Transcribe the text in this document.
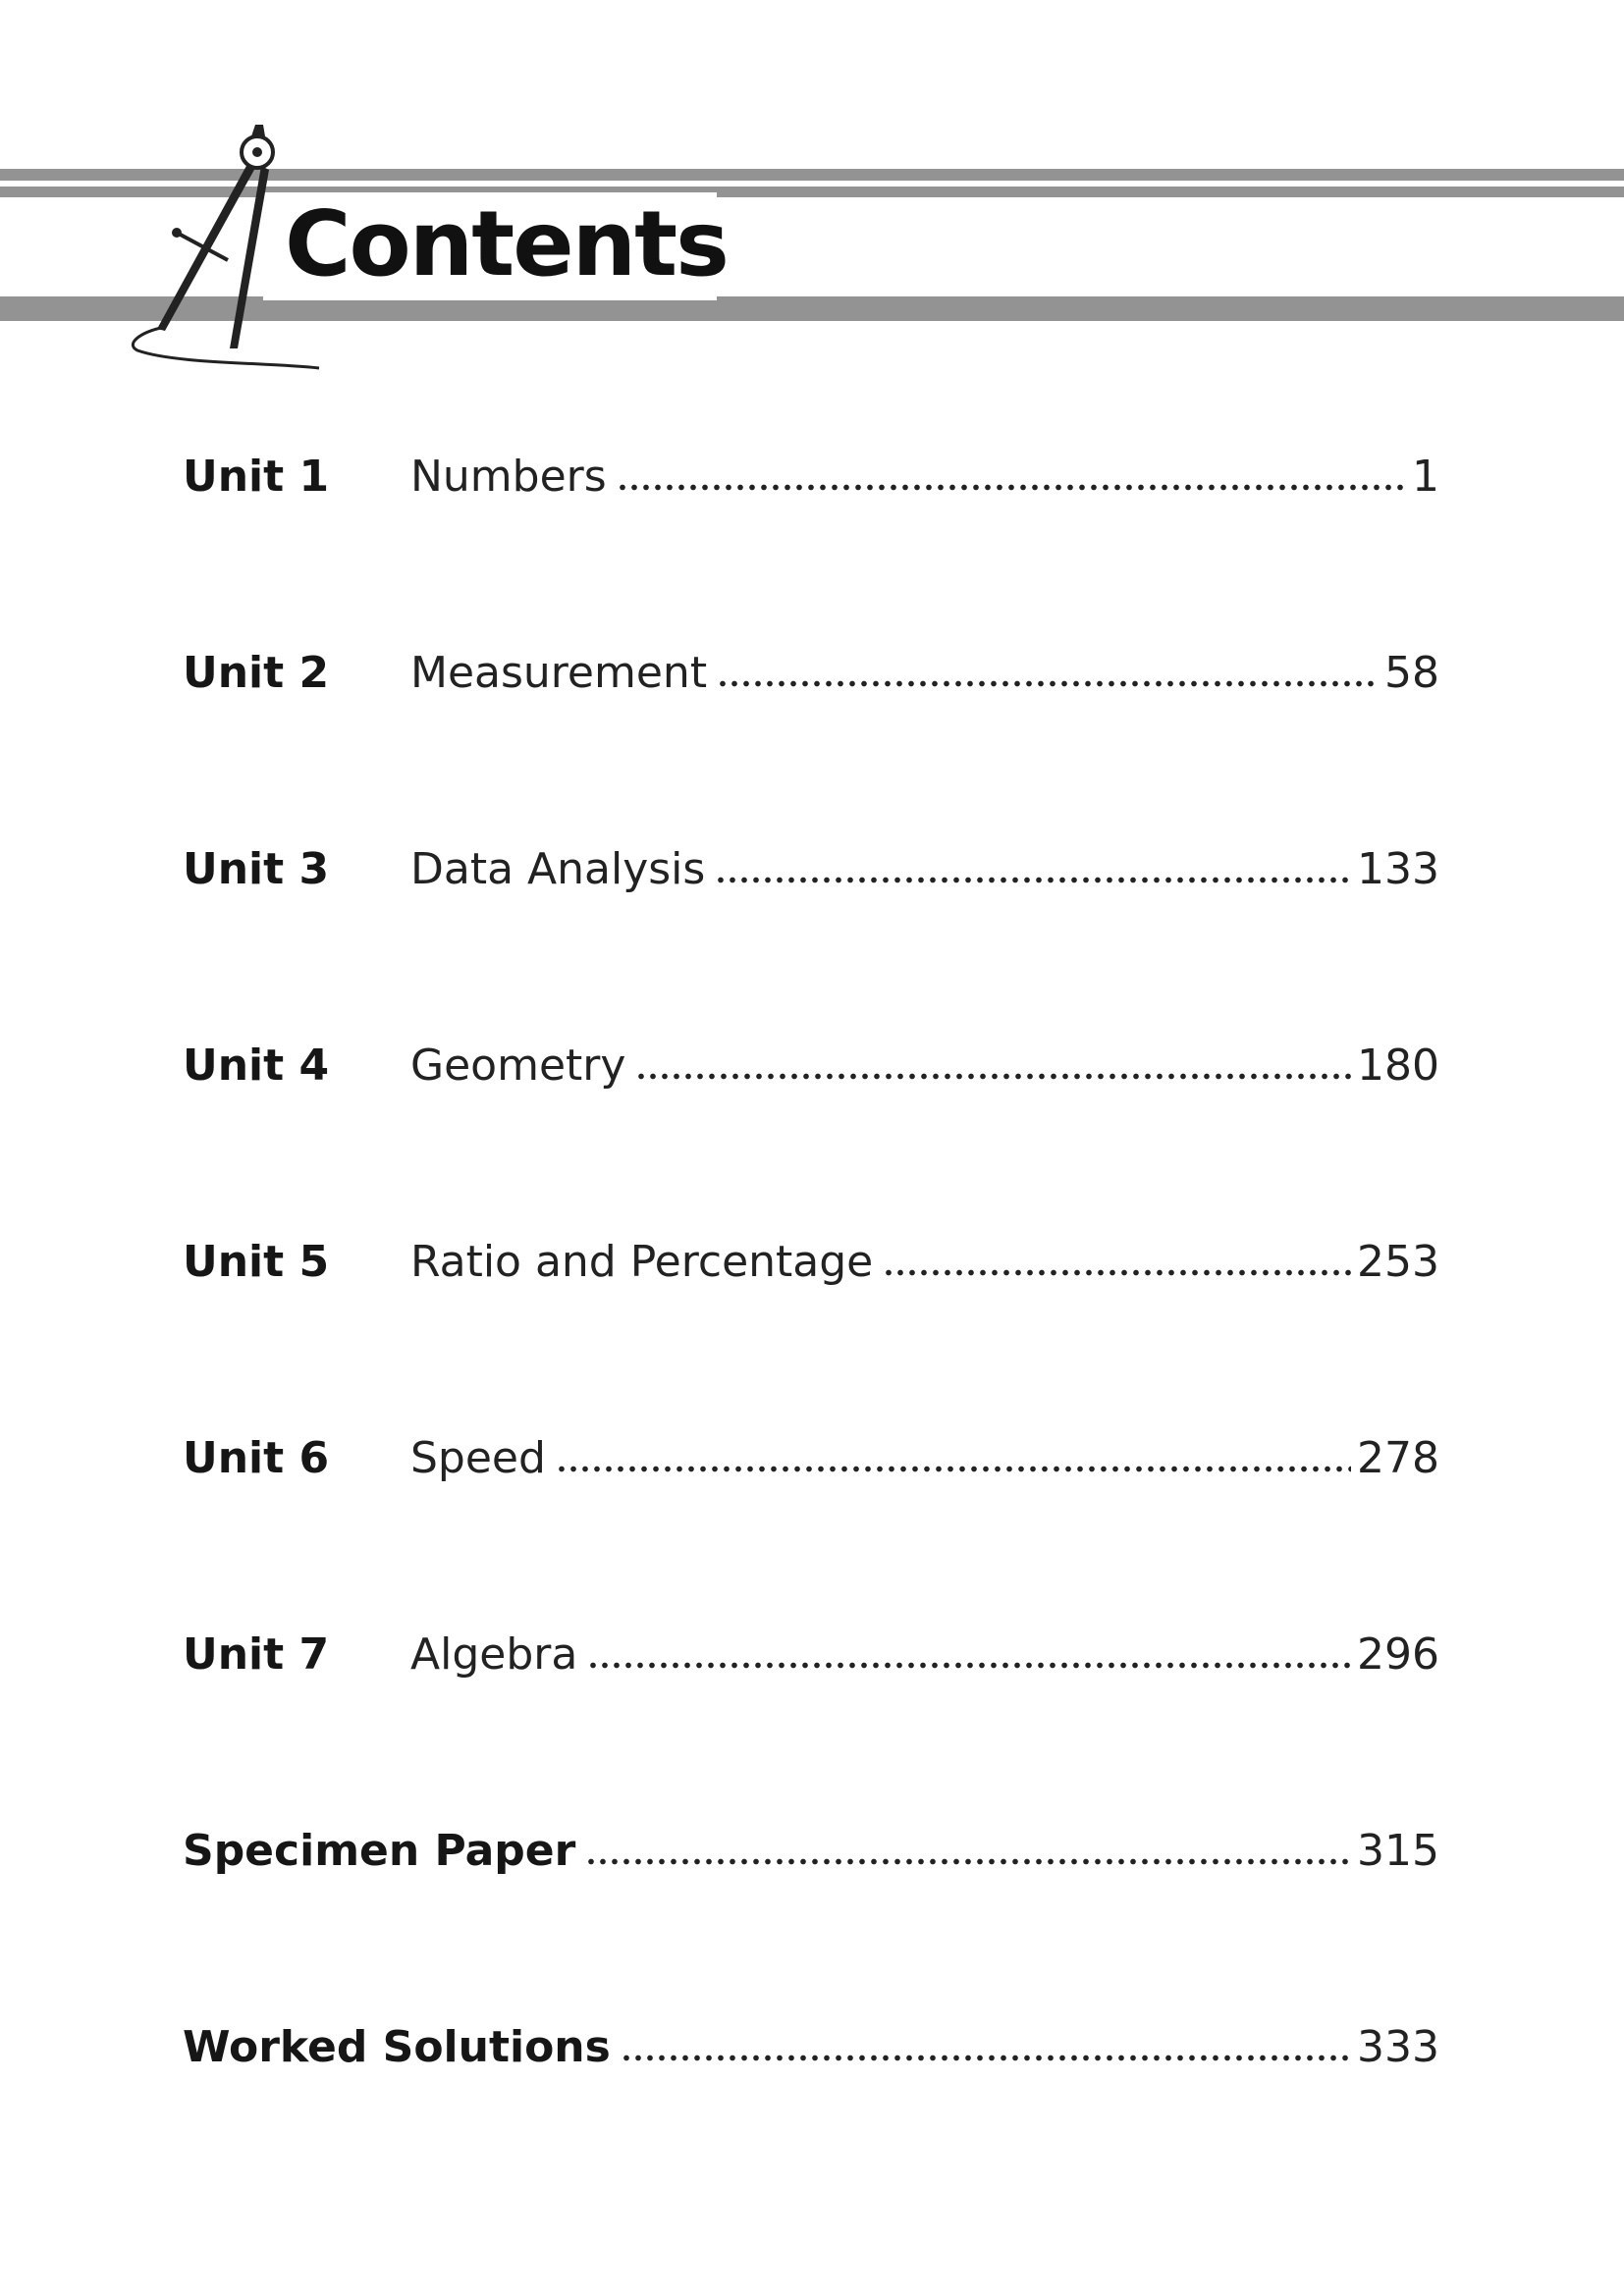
Contents
Unit 1	Numbers	1
Unit 2	Measurement	58
Unit 3	Data Analysis	133
Unit 4	Geometry	180
Unit 5	Ratio and Percentage	253
Unit 6	Speed	278
Unit 7	Algebra	296
Specimen Paper	315
Worked Solutions	333
